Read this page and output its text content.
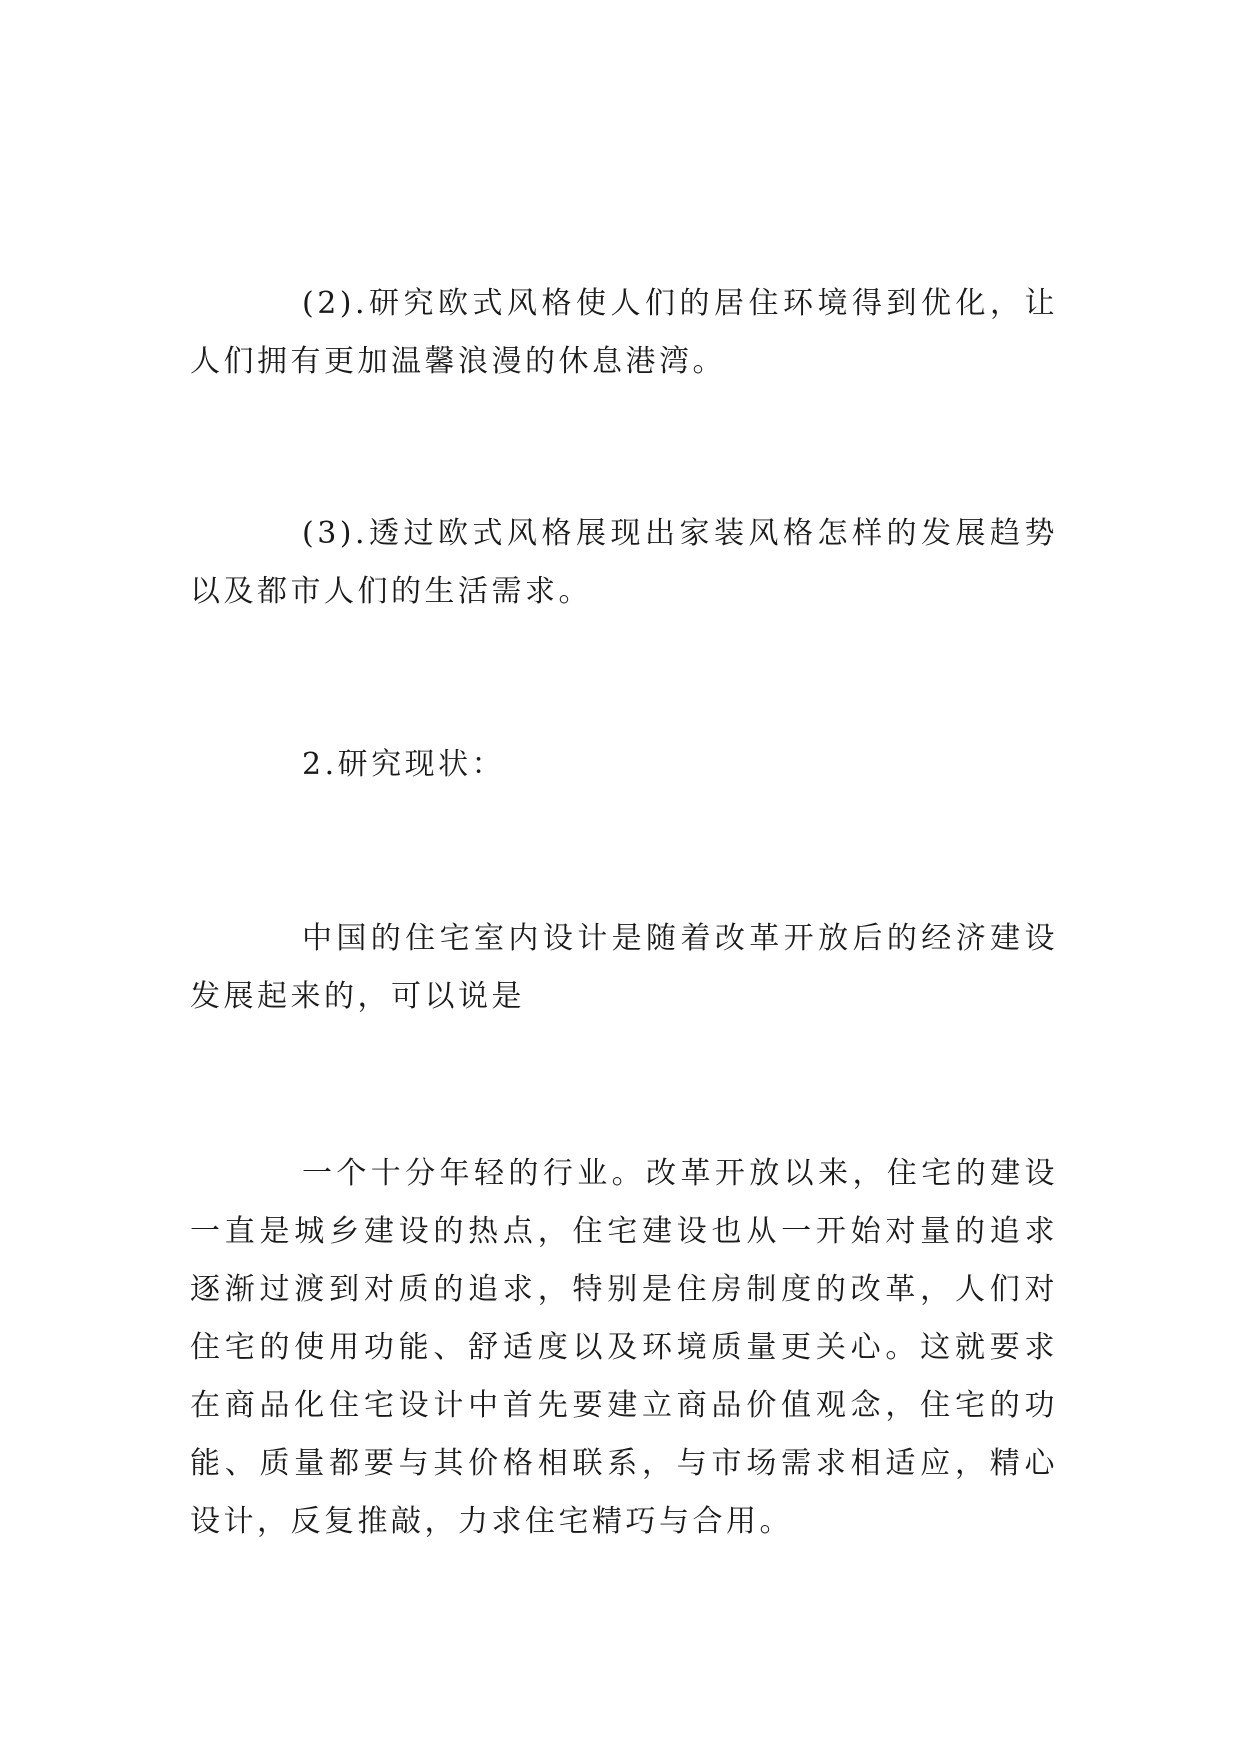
(2).研究欧式风格使人们的居住环境得到优化，让人们拥有更加温馨浪漫的休息港湾。

(3).透过欧式风格展现出家装风格怎样的发展趋势以及都市人们的生活需求。

2.研究现状：

中国的住宅室内设计是随着改革开放后的经济建设发展起来的，可以说是

一个十分年轻的行业。改革开放以来，住宅的建设一直是城乡建设的热点，住宅建设也从一开始对量的追求逐渐过渡到对质的追求，特别是住房制度的改革，人们对住宅的使用功能、舒适度以及环境质量更关心。这就要求在商品化住宅设计中首先要建立商品价值观念，住宅的功能、质量都要与其价格相联系，与市场需求相适应，精心设计，反复推敲，力求住宅精巧与合用。
